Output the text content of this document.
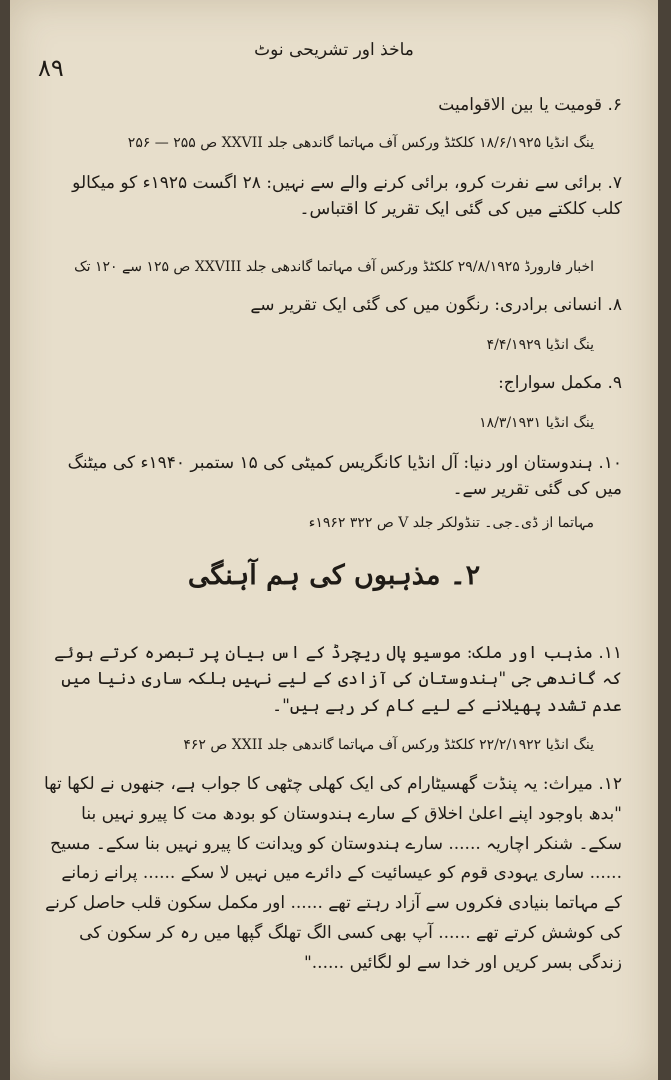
٨٩
ماخذ اور تشریحی نوٹ
۶. قومیت یا بین الاقوامیت
ینگ انڈیا ۱۸/۶/۱۹۲۵ کلکٹڈ ورکس آف مہاتما گاندھی جلد XXVII ص ۲۵۵ — ۲۵۶
۷. برائی سے نفرت کرو، برائی کرنے والے سے نہیں: ۲۸ اگست ۱۹۲۵ء کو میکالو کلب کلکتے میں کی گئی ایک تقریر کا اقتباس۔
اخبار فارورڈ ۲۹/۸/۱۹۲۵ کلکٹڈ ورکس آف مہاتما گاندھی جلد XXVIII ص ۱۲۵ سے ۱۲۰ تک
۸. انسانی برادری: رنگون میں کی گئی ایک تقریر سے
ینگ انڈیا ۴/۴/۱۹۲۹
۹. مکمل سواراج:
ینگ انڈیا ۱۸/۳/۱۹۳۱
۱۰. ہندوستان اور دنیا: آل انڈیا کانگریس کمیٹی کی ۱۵ ستمبر ۱۹۴۰ء کی میٹنگ میں کی گئی تقریر سے۔
مہاتما از ڈی۔جی۔ تنڈولکر جلد V ص ۳۲۲ ۱۹۶۲ء
۲۔ مذہبوں کی ہم آہنگی
۱۱. مذہب اور ملک: موسیو پال ریچرڈ کے اس بیان پر تبصرہ کرتے ہوئے کہ گاندھی جی "ہندوستان کی آزادی کے لیے نہیں بلکہ ساری دنیا میں عدم تشدد پھیلانے کے لیے کام کر رہے ہیں"۔
ینگ انڈیا ۲۲/۲/۱۹۲۲ کلکٹڈ ورکس آف مہاتما گاندھی جلد XXII ص ۴۶۲
۱۲. میراث: یہ پنڈت گھسیٹارام کی ایک کھلی چٹھی کا جواب ہے، جنھوں نے لکھا تھا "بدھ باوجود اپنے اعلیٰ اخلاق کے سارے ہندوستان کو بودھ مت کا پیرو نہیں بنا سکے۔ شنکر اچاریہ ...... سارے ہندوستان کو ویدانت کا پیرو نہیں بنا سکے۔ مسیح ...... ساری یہودی قوم کو عیسائیت کے دائرے میں نہیں لا سکے ...... پرانے زمانے کے مہاتما بنیادی فکروں سے آزاد رہتے تھے ...... اور مکمل سکون قلب حاصل کرنے کی کوشش کرتے تھے ...... آپ بھی کسی الگ تھلگ گپھا میں رہ کر سکون کی زندگی بسر کریں اور خدا سے لو لگائیں ......"
